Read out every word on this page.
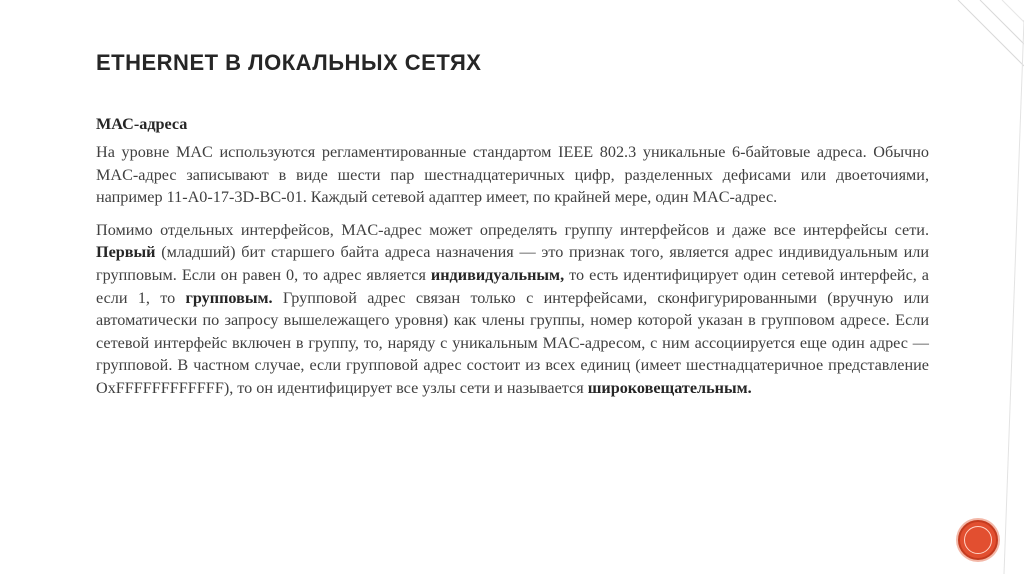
ETHERNET В ЛОКАЛЬНЫХ СЕТЯХ

МАС-адреса

На уровне MAC используются регламентированные стандартом IEEE 802.3 уникальные 6-байтовые адреса. Обычно MAC-адрес записывают в виде шести пар шестнадцатеричных цифр, разделенных дефисами или двоеточиями, например 11-A0-17-3D-BC-01. Каждый сетевой адаптер имеет, по крайней мере, один MAC-адрес.

Помимо отдельных интерфейсов, MAC-адрес может определять группу интерфейсов и даже все интерфейсы сети. Первый (младший) бит старшего байта адреса назначения — это признак того, является адрес индивидуальным или групповым. Если он равен 0, то адрес является индивидуальным, то есть идентифицирует один сетевой интерфейс, а если 1, то групповым. Групповой адрес связан только с интерфейсами, сконфигурированными (вручную или автоматически по запросу вышележащего уровня) как члены группы, номер которой указан в групповом адресе. Если сетевой интерфейс включен в группу, то, наряду с уникальным MAC-адресом, с ним ассоциируется еще один адрес — групповой. В частном случае, если групповой адрес состоит из всех единиц (имеет шестнадцатеричное представление OxFFFFFFFFFFFF), то он идентифицирует все узлы сети и называется широковещательным.
